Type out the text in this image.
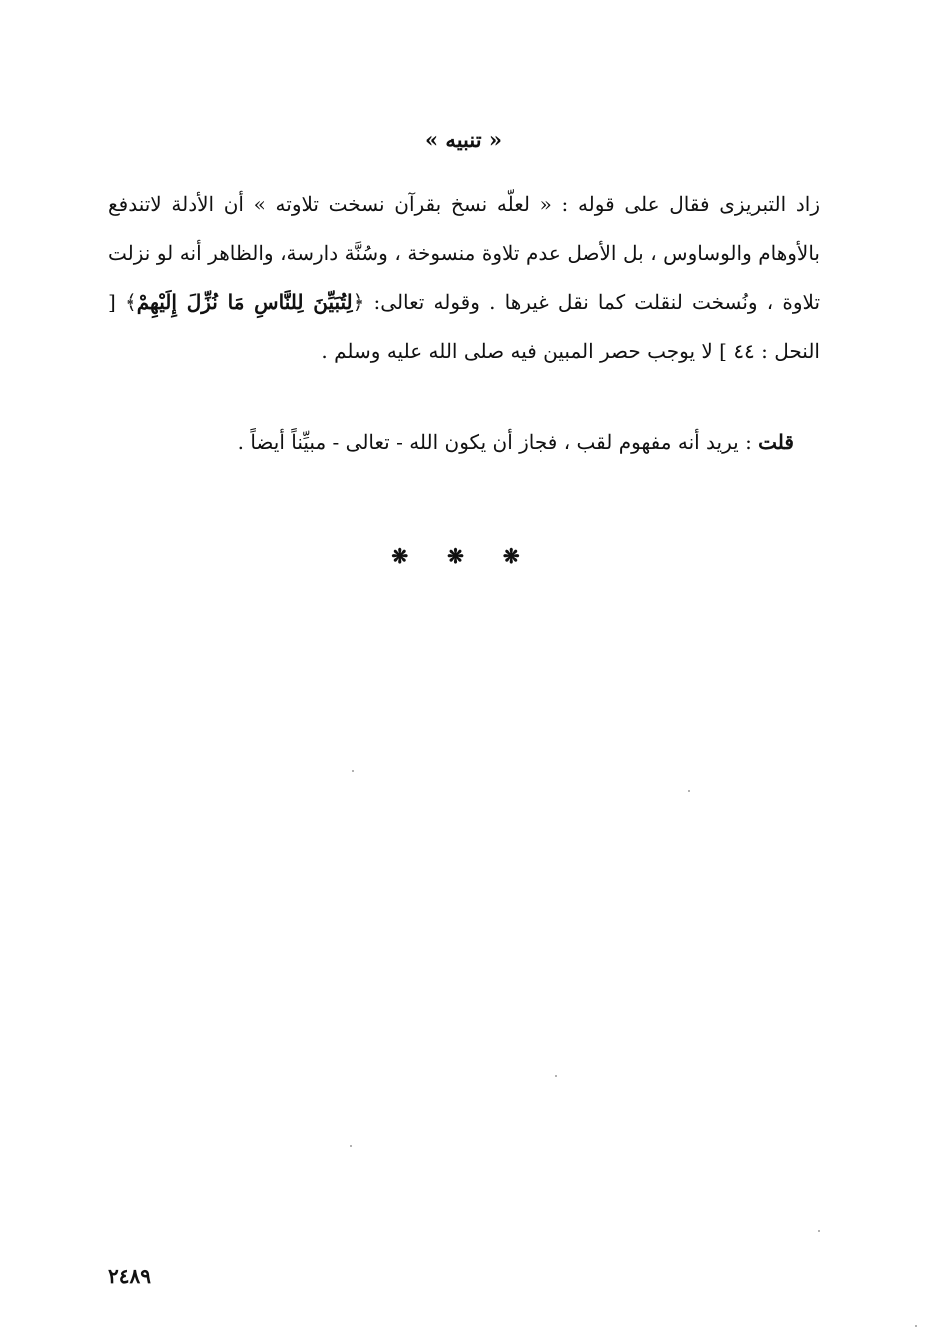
« تنبيه »

زاد التبريزى فقال على قوله : « لعلّه نسخ بقرآن نسخت تلاوته » أن الأدلة لاتندفع بالأوهام والوساوس ، بل الأصل عدم تلاوة منسوخة ، وسُنَّة دارسة، والظاهر أنه لو نزلت تلاوة ، ونُسخت لنقلت كما نقل غيرها . وقوله تعالى: ﴿لِتُبَيِّنَ لِلنَّاسِ مَا نُزِّلَ إِلَيْهِمْ﴾ [ النحل : ٤٤ ] لا يوجب حصر المبين فيه صلى الله عليه وسلم .

قلت : يريد أنه مفهوم لقب ، فجاز أن يكون الله - تعالى - مبيِّناً أيضاً .
❋ ❋ ❋
٢٤٨٩
